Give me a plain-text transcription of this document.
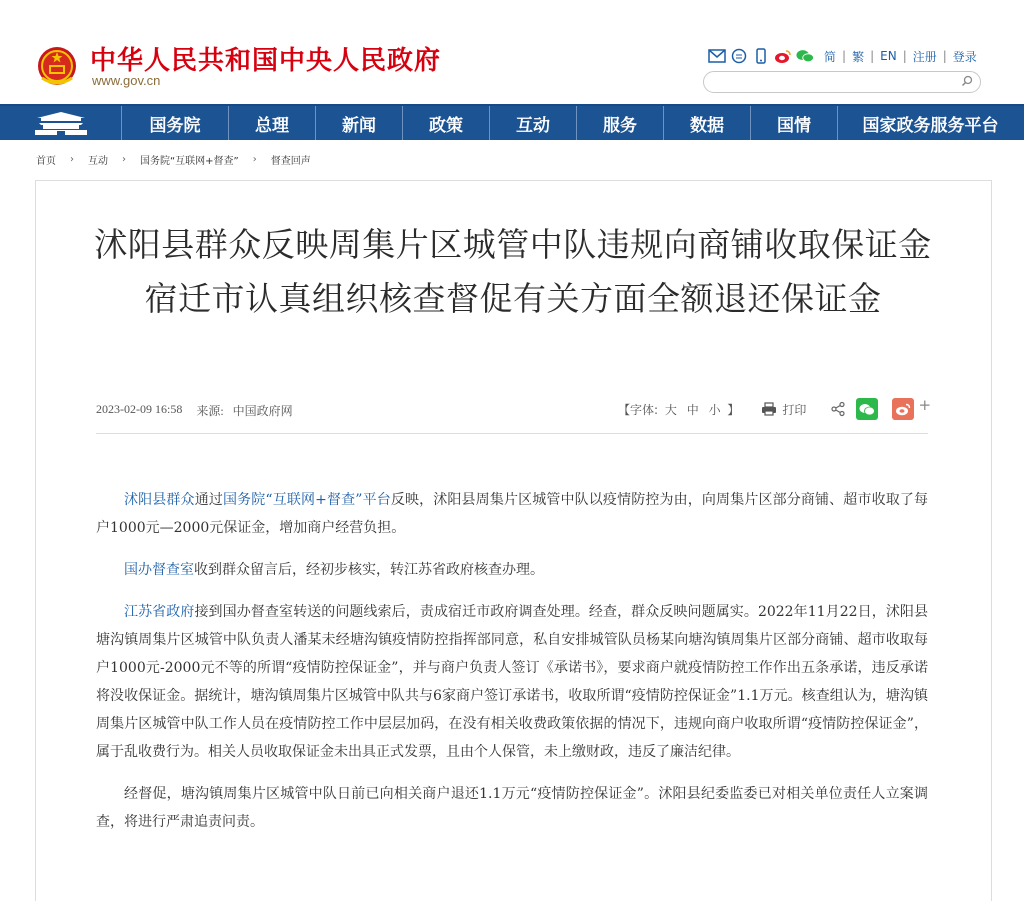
中华人民共和国中央人民政府
www.gov.cn
简 | 繁 | EN | 注册 | 登录
国务院	总理	新闻	政策	互动	服务	数据	国情	国家政务服务平台
首页 › 互动 › 国务院“互联网+督查” › 督查回声
沭阳县群众反映周集片区城管中队违规向商铺收取保证金 宿迁市认真组织核查督促有关方面全额退还保证金
2023-02-09 16:58 来源: 中国政府网	【字体: 大 中 小 】	打印	+

沭阳县群众通过国务院“互联网+督查”平台反映，沭阳县周集片区城管中队以疫情防控为由，向周集片区部分商铺、超市收取了每户1000元—2000元保证金，增加商户经营负担。

国办督查室收到群众留言后，经初步核实，转江苏省政府核查办理。

江苏省政府接到国办督查室转送的问题线索后，责成宿迁市政府调查处理。经查，群众反映问题属实。2022年11月22日，沭阳县塘沟镇周集片区城管中队负责人潘某未经塘沟镇疫情防控指挥部同意，私自安排城管队员杨某向塘沟镇周集片区部分商铺、超市收取每户1000元-2000元不等的所谓“疫情防控保证金”，并与商户负责人签订《承诺书》，要求商户就疫情防控工作作出五条承诺，违反承诺将没收保证金。据统计，塘沟镇周集片区城管中队共与6家商户签订承诺书，收取所谓“疫情防控保证金”1.1万元。核查组认为，塘沟镇周集片区城管中队工作人员在疫情防控工作中层层加码，在没有相关收费政策依据的情况下，违规向商户收取所谓“疫情防控保证金”，属于乱收费行为。相关人员收取保证金未出具正式发票，且由个人保管，未上缴财政，违反了廉洁纪律。

经督促，塘沟镇周集片区城管中队日前已向相关商户退还1.1万元“疫情防控保证金”。沭阳县纪委监委已对相关单位责任人立案调查，将进行严肃追责问责。
